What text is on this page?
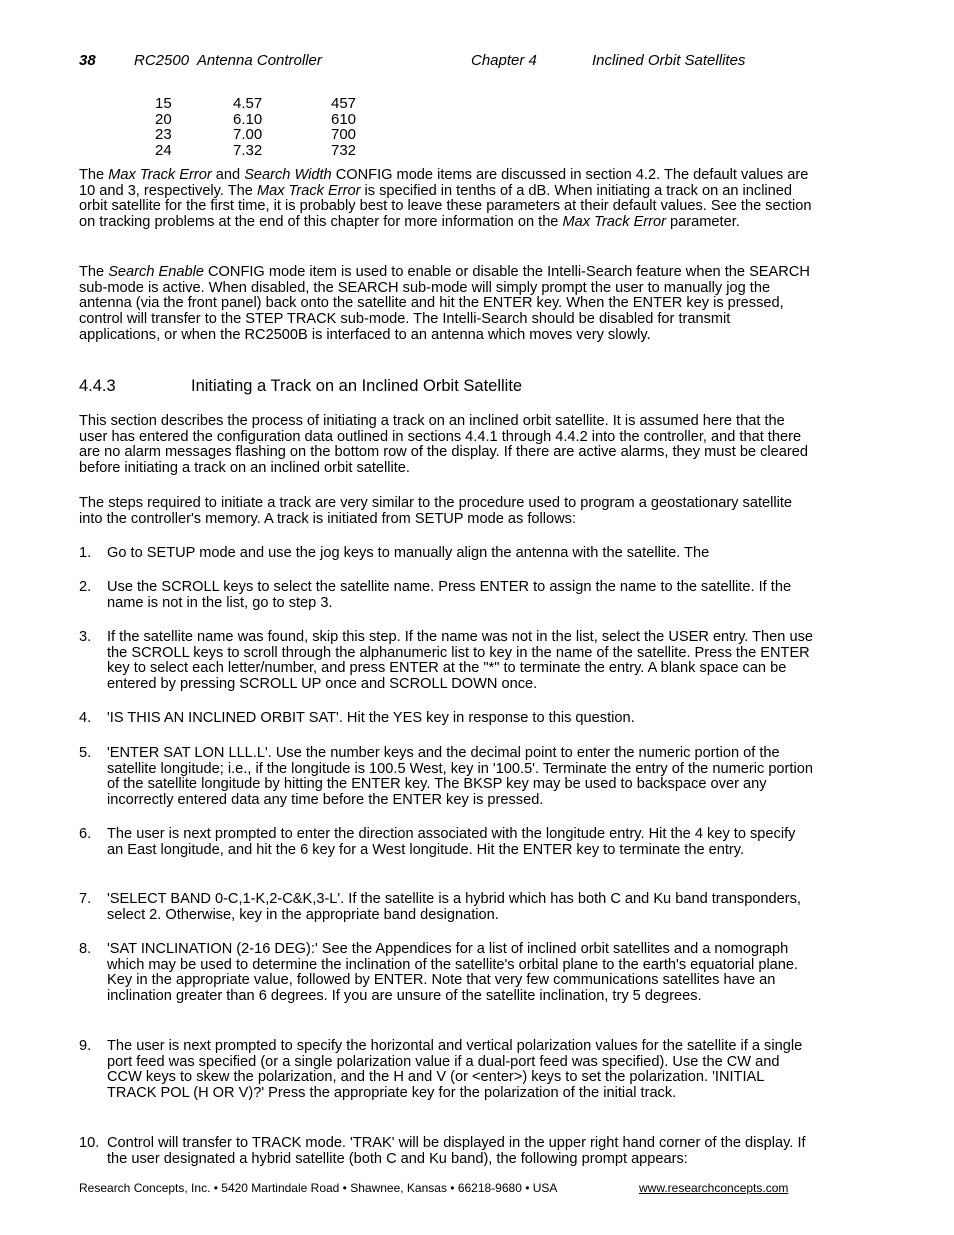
38	RC2500  Antenna Controller	Chapter 4	Inclined Orbit Satellites
15	4.57	457
20	6.10	610
23	7.00	700
24	7.32	732
The Max Track Error and Search Width CONFIG mode items are discussed in section 4.2. The default values are 10 and 3, respectively. The Max Track Error is specified in tenths of a dB. When initiating a track on an inclined orbit satellite for the first time, it is probably best to leave these parameters at their default values. See the section on tracking problems at the end of this chapter for more information on the Max Track Error parameter.
The Search Enable CONFIG mode item is used to enable or disable the Intelli-Search feature when the SEARCH sub-mode is active. When disabled, the SEARCH sub-mode will simply prompt the user to manually jog the antenna (via the front panel) back onto the satellite and hit the ENTER key. When the ENTER key is pressed, control will transfer to the STEP TRACK sub-mode. The Intelli-Search should be disabled for transmit applications, or when the RC2500B is interfaced to an antenna which moves very slowly.
4.4.3	Initiating a Track on an Inclined Orbit Satellite
This section describes the process of initiating a track on an inclined orbit satellite. It is assumed here that the user has entered the configuration data outlined in sections 4.4.1 through 4.4.2 into the controller, and that there are no alarm messages flashing on the bottom row of the display. If there are active alarms, they must be cleared before initiating a track on an inclined orbit satellite.
The steps required to initiate a track are very similar to the procedure used to program a geostationary satellite into the controller's memory. A track is initiated from SETUP mode as follows:
1. Go to SETUP mode and use the jog keys to manually align the antenna with the satellite. The
2. Use the SCROLL keys to select the satellite name. Press ENTER to assign the name to the satellite. If the name is not in the list, go to step 3.
3. If the satellite name was found, skip this step. If the name was not in the list, select the USER entry. Then use the SCROLL keys to scroll through the alphanumeric list to key in the name of the satellite. Press the ENTER key to select each letter/number, and press ENTER at the "*" to terminate the entry. A blank space can be entered by pressing SCROLL UP once and SCROLL DOWN once.
4. 'IS THIS AN INCLINED ORBIT SAT'. Hit the YES key in response to this question.
5. 'ENTER SAT LON LLL.L'. Use the number keys and the decimal point to enter the numeric portion of the satellite longitude; i.e., if the longitude is 100.5 West, key in '100.5'. Terminate the entry of the numeric portion of the satellite longitude by hitting the ENTER key. The BKSP key may be used to backspace over any incorrectly entered data any time before the ENTER key is pressed.
6. The user is next prompted to enter the direction associated with the longitude entry. Hit the 4 key to specify an East longitude, and hit the 6 key for a West longitude. Hit the ENTER key to terminate the entry.
7. 'SELECT BAND 0-C,1-K,2-C&K,3-L'. If the satellite is a hybrid which has both C and Ku band transponders, select 2. Otherwise, key in the appropriate band designation.
8. 'SAT INCLINATION (2-16 DEG):' See the Appendices for a list of inclined orbit satellites and a nomograph which may be used to determine the inclination of the satellite's orbital plane to the earth's equatorial plane. Key in the appropriate value, followed by ENTER. Note that very few communications satellites have an inclination greater than 6 degrees. If you are unsure of the satellite inclination, try 5 degrees.
9. The user is next prompted to specify the horizontal and vertical polarization values for the satellite if a single port feed was specified (or a single polarization value if a dual-port feed was specified). Use the CW and CCW keys to skew the polarization, and the H and V (or <enter>) keys to set the polarization. 'INITIAL TRACK POL (H OR V)?' Press the appropriate key for the polarization of the initial track.
10. Control will transfer to TRACK mode. 'TRAK' will be displayed in the upper right hand corner of the display. If the user designated a hybrid satellite (both C and Ku band), the following prompt appears:
Research Concepts, Inc. • 5420 Martindale Road • Shawnee, Kansas • 66218-9680 • USA	www.researchconcepts.com
